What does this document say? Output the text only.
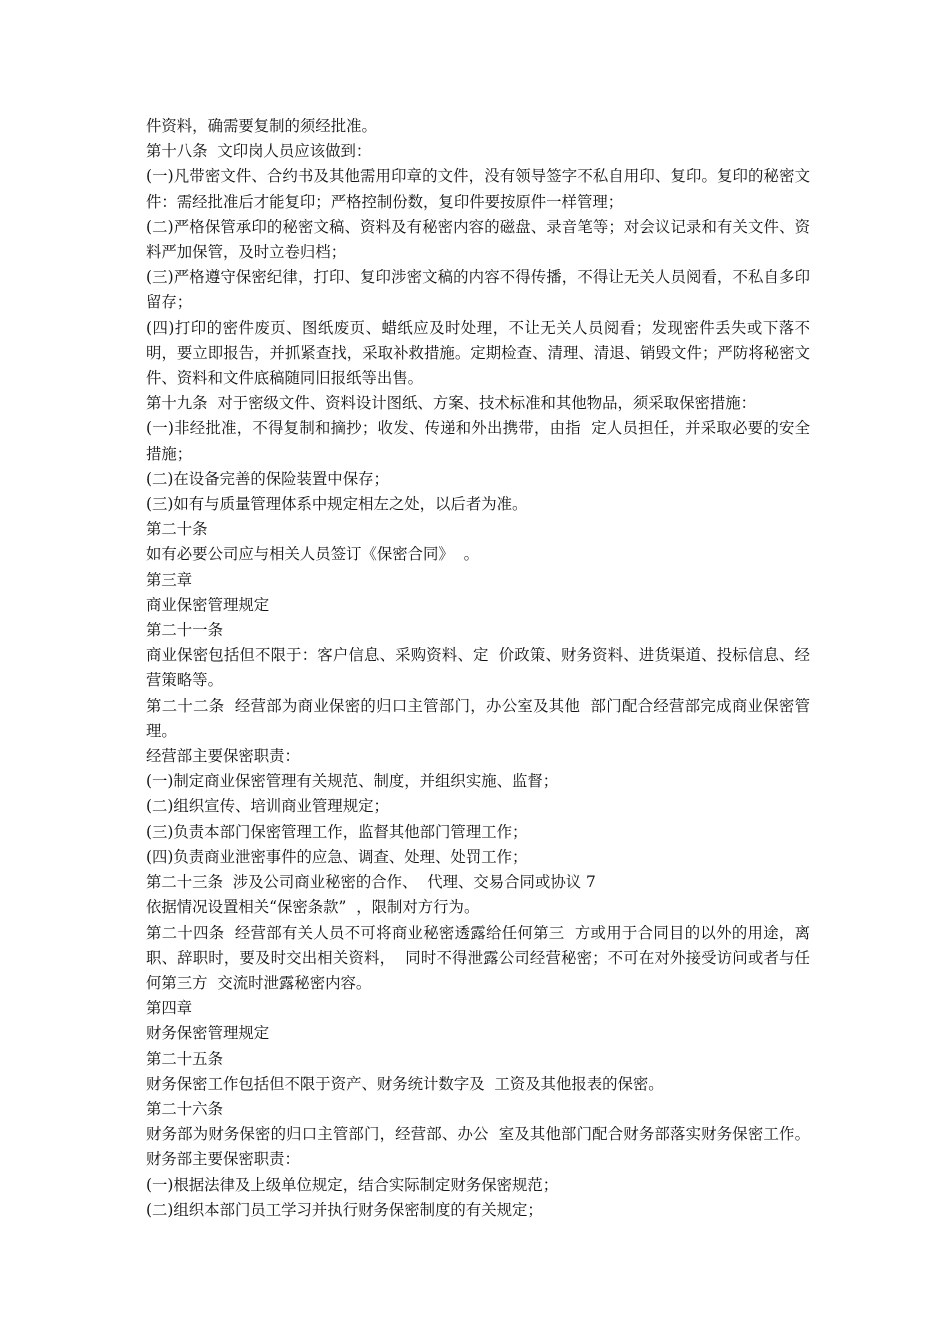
件资料，确需要复制的须经批准。

第十八条  文印岗人员应该做到：

(一)凡带密文件、合约书及其他需用印章的文件，没有领导签字不私自用印、复印。复印的秘密文件：需经批准后才能复印；严格控制份数，复印件要按原件一样管理；

(二)严格保管承印的秘密文稿、资料及有秘密内容的磁盘、录音笔等；对会议记录和有关文件、资料严加保管，及时立卷归档；

(三)严格遵守保密纪律，打印、复印涉密文稿的内容不得传播，不得让无关人员阅看，不私自多印留存；

(四)打印的密件废页、图纸废页、蜡纸应及时处理，不让无关人员阅看；发现密件丢失或下落不明，要立即报告，并抓紧查找，采取补救措施。定期检查、清理、清退、销毁文件；严防将秘密文件、资料和文件底稿随同旧报纸等出售。

第十九条  对于密级文件、资料设计图纸、方案、技术标准和其他物品，须采取保密措施：

(一)非经批准，不得复制和摘抄；收发、传递和外出携带，由指  定人员担任，并采取必要的安全措施；

(二)在设备完善的保险装置中保存；

(三)如有与质量管理体系中规定相左之处，以后者为准。

第二十条

如有必要公司应与相关人员签订《保密合同》  。

第三章

商业保密管理规定

第二十一条

商业保密包括但不限于：客户信息、采购资料、定  价政策、财务资料、进货渠道、投标信息、经营策略等。

第二十二条  经营部为商业保密的归口主管部门，办公室及其他  部门配合经营部完成商业保密管理。

经营部主要保密职责：

(一)制定商业保密管理有关规范、制度，并组织实施、监督；

(二)组织宣传、培训商业管理规定；

(三)负责本部门保密管理工作，监督其他部门管理工作；

(四)负责商业泄密事件的应急、调查、处理、处罚工作；

第二十三条  涉及公司商业秘密的合作、  代理、交易合同或协议 7

依据情况设置相关“保密条款”  ，限制对方行为。

第二十四条  经营部有关人员不可将商业秘密透露给任何第三  方或用于合同目的以外的用途，离职、辞职时，要及时交出相关资料，  同时不得泄露公司经营秘密；不可在对外接受访问或者与任何第三方  交流时泄露秘密内容。

第四章

财务保密管理规定

第二十五条

财务保密工作包括但不限于资产、财务统计数字及  工资及其他报表的保密。

第二十六条

财务部为财务保密的归口主管部门，经营部、办公  室及其他部门配合财务部落实财务保密工作。财务部主要保密职责：

(一)根据法律及上级单位规定，结合实际制定财务保密规范；

(二)组织本部门员工学习并执行财务保密制度的有关规定；
